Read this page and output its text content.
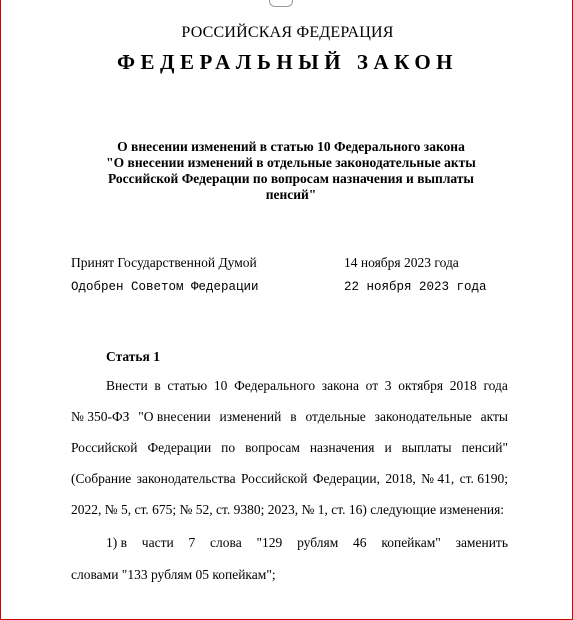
РОССИЙСКАЯ ФЕДЕРАЦИЯ
ФЕДЕРАЛЬНЫЙ ЗАКОН
О внесении изменений в статью 10 Федерального закона
"О внесении изменений в отдельные законодательные акты
Российской Федерации по вопросам назначения и выплаты
пенсий"
Принят Государственной Думой	14 ноября 2023 года
Одобрен Советом Федерации	22 ноября 2023 года
Статья 1
Внести в статью 10 Федерального закона от 3 октября 2018 года
№ 350-ФЗ "О внесении изменений в отдельные законодательные акты
Российской Федерации по вопросам назначения и выплаты пенсий"
(Собрание законодательства Российской Федерации, 2018, № 41, ст. 6190;
2022, № 5, ст. 675; № 52, ст. 9380; 2023, № 1, ст. 16) следующие изменения:
1) в части 7 слова "129 рублям 46 копейкам" заменить
словами "133 рублям 05 копейкам";
